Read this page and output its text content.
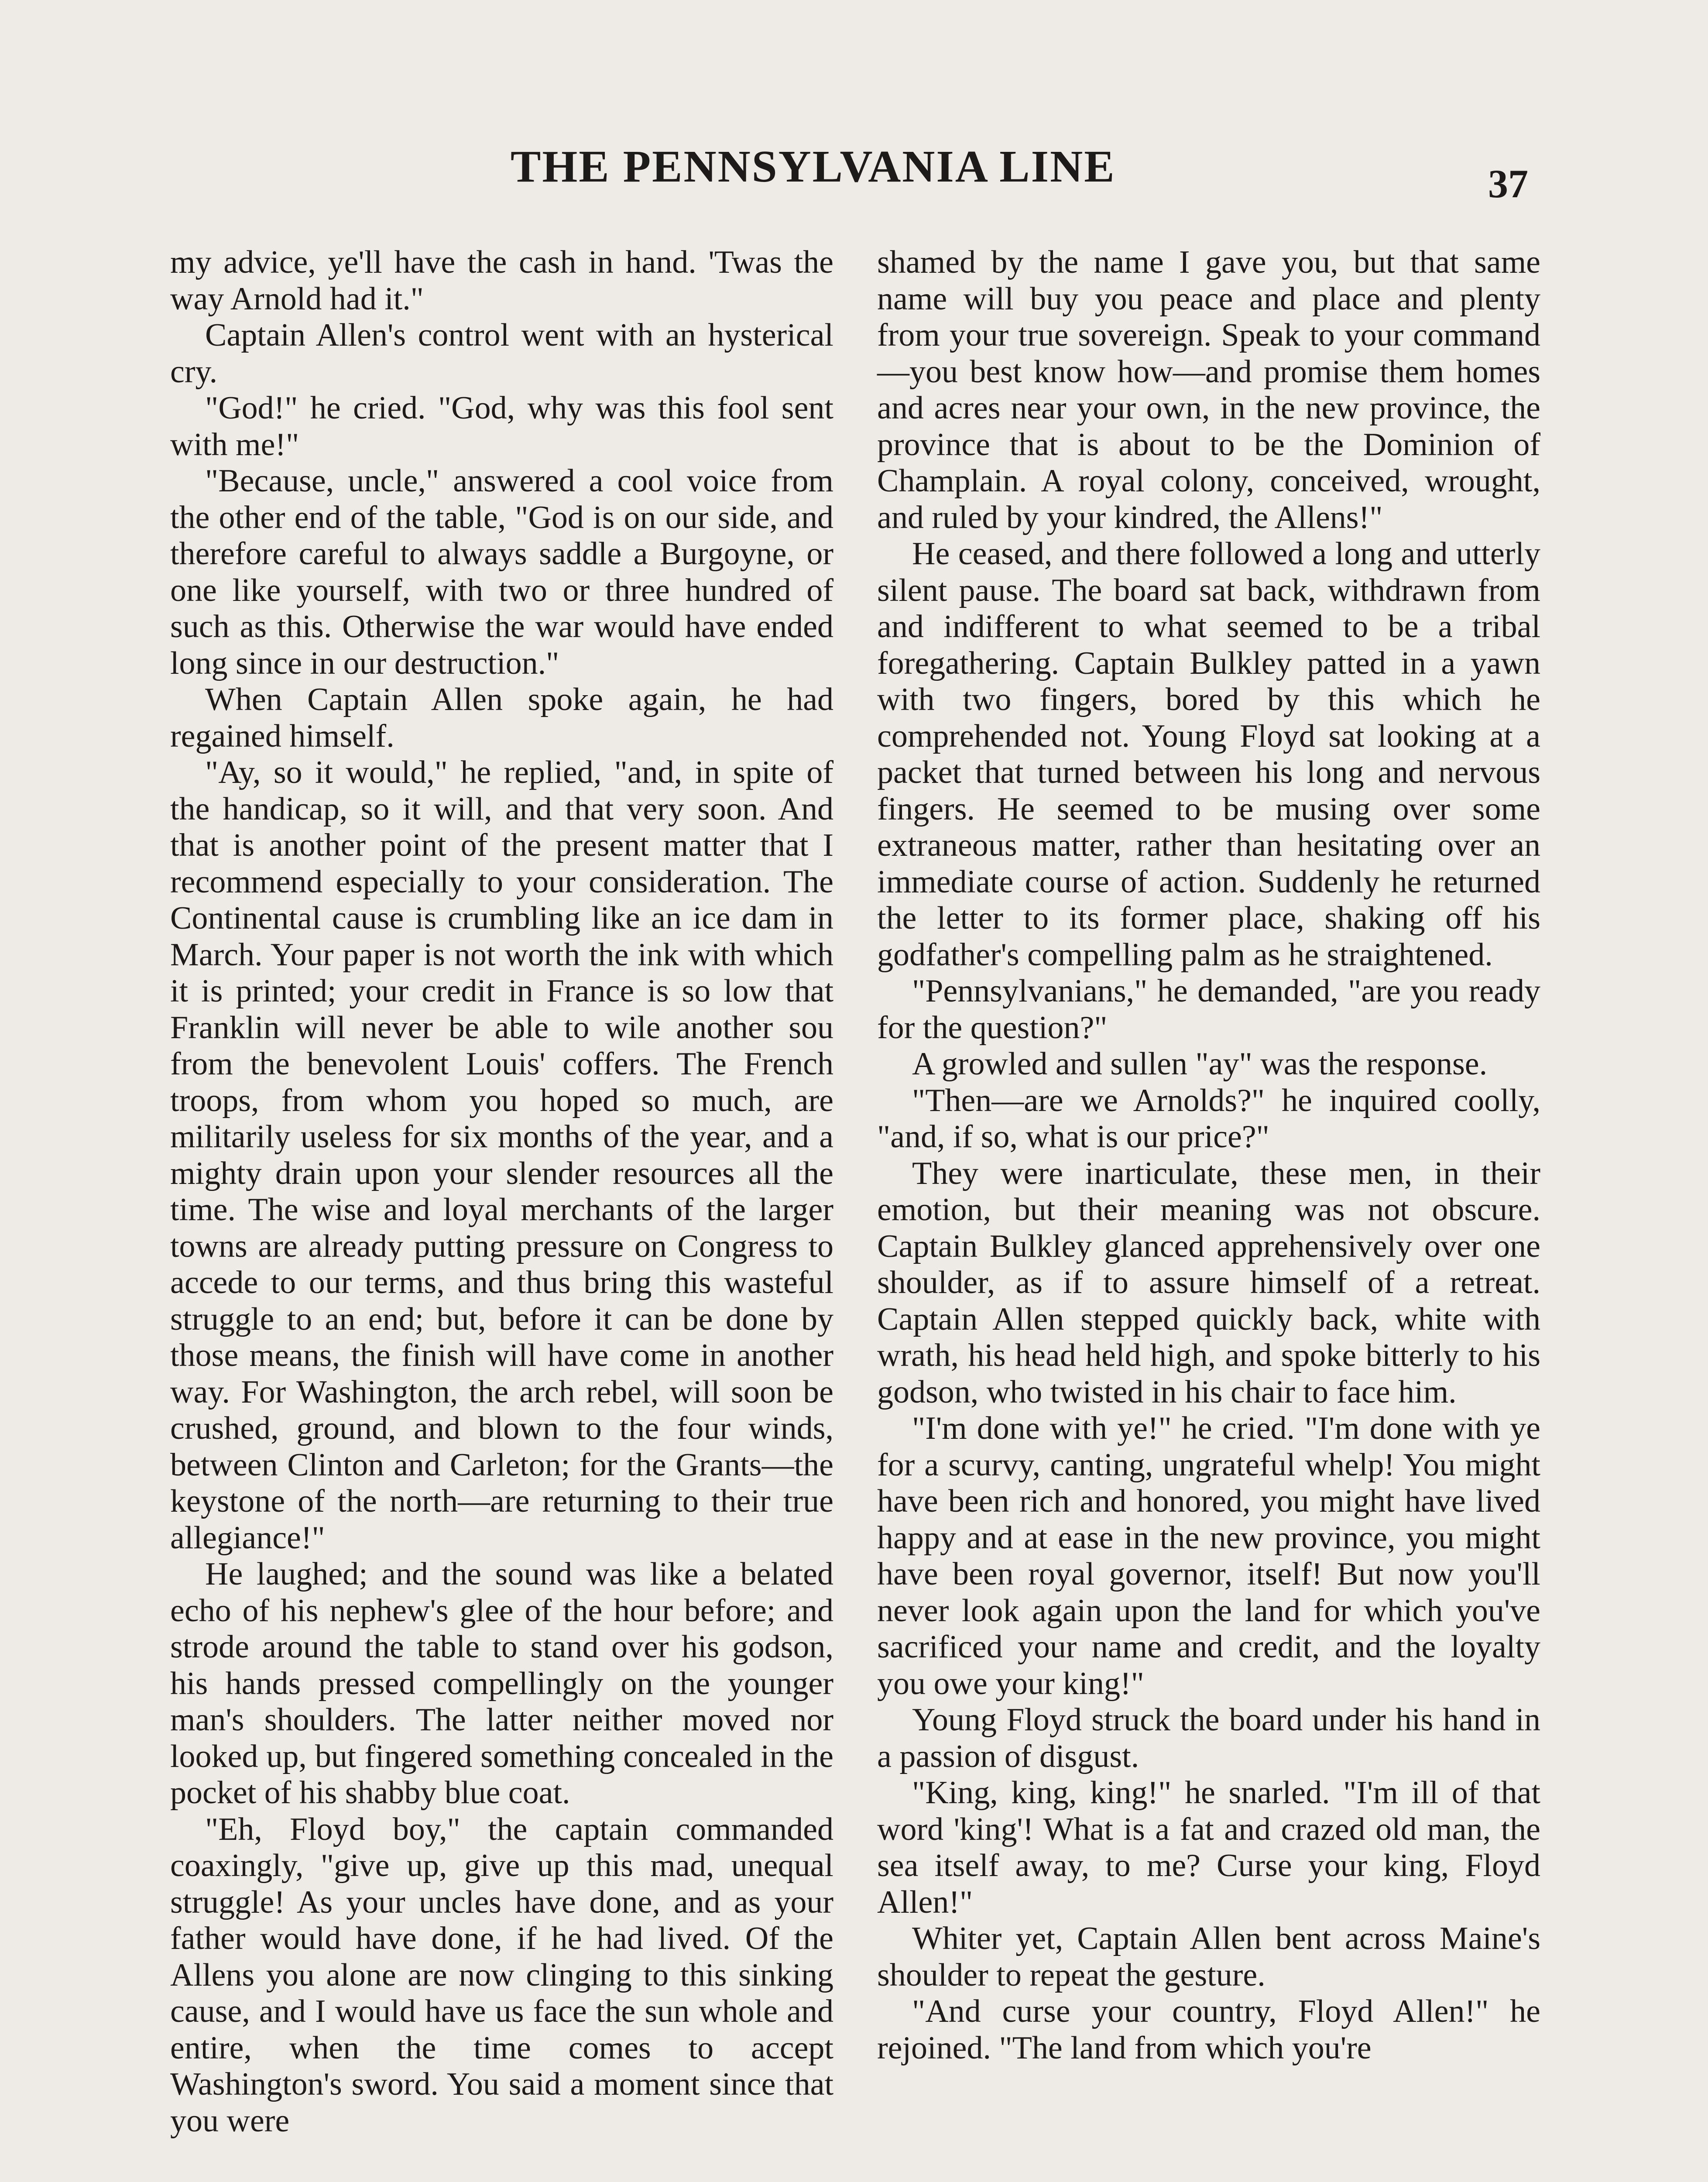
THE PENNSYLVANIA LINE	37

my advice, ye'll have the cash in hand. 'Twas the way Arnold had it."

Captain Allen's control went with an hysterical cry.

"God!" he cried. "God, why was this fool sent with me!"

"Because, uncle," answered a cool voice from the other end of the table, "God is on our side, and therefore careful to always saddle a Burgoyne, or one like yourself, with two or three hundred of such as this. Otherwise the war would have ended long since in our destruction."

When Captain Allen spoke again, he had regained himself.

"Ay, so it would," he replied, "and, in spite of the handicap, so it will, and that very soon. And that is another point of the present matter that I recommend especially to your consideration. The Continental cause is crumbling like an ice dam in March. Your paper is not worth the ink with which it is printed; your credit in France is so low that Franklin will never be able to wile another sou from the benevolent Louis' coffers. The French troops, from whom you hoped so much, are militarily useless for six months of the year, and a mighty drain upon your slender resources all the time. The wise and loyal merchants of the larger towns are already putting pressure on Congress to accede to our terms, and thus bring this wasteful struggle to an end; but, before it can be done by those means, the finish will have come in another way. For Washington, the arch rebel, will soon be crushed, ground, and blown to the four winds, between Clinton and Carleton; for the Grants—the keystone of the north—are returning to their true allegiance!"

He laughed; and the sound was like a belated echo of his nephew's glee of the hour before; and strode around the table to stand over his godson, his hands pressed compellingly on the younger man's shoulders. The latter neither moved nor looked up, but fingered something concealed in the pocket of his shabby blue coat.

"Eh, Floyd boy," the captain commanded coaxingly, "give up, give up this mad, unequal struggle! As your uncles have done, and as your father would have done, if he had lived. Of the Allens you alone are now clinging to this sinking cause, and I would have us face the sun whole and entire, when the time comes to accept Washington's sword. You said a moment since that you were

shamed by the name I gave you, but that same name will buy you peace and place and plenty from your true sovereign. Speak to your command—you best know how—and promise them homes and acres near your own, in the new province, the province that is about to be the Dominion of Champlain. A royal colony, conceived, wrought, and ruled by your kindred, the Allens!"

He ceased, and there followed a long and utterly silent pause. The board sat back, withdrawn from and indifferent to what seemed to be a tribal foregathering. Captain Bulkley patted in a yawn with two fingers, bored by this which he comprehended not. Young Floyd sat looking at a packet that turned between his long and nervous fingers. He seemed to be musing over some extraneous matter, rather than hesitating over an immediate course of action. Suddenly he returned the letter to its former place, shaking off his godfather's compelling palm as he straightened.

"Pennsylvanians," he demanded, "are you ready for the question?"

A growled and sullen "ay" was the response.

"Then—are we Arnolds?" he inquired coolly, "and, if so, what is our price?"

They were inarticulate, these men, in their emotion, but their meaning was not obscure. Captain Bulkley glanced apprehensively over one shoulder, as if to assure himself of a retreat. Captain Allen stepped quickly back, white with wrath, his head held high, and spoke bitterly to his godson, who twisted in his chair to face him.

"I'm done with ye!" he cried. "I'm done with ye for a scurvy, canting, ungrateful whelp! You might have been rich and honored, you might have lived happy and at ease in the new province, you might have been royal governor, itself! But now you'll never look again upon the land for which you've sacrificed your name and credit, and the loyalty you owe your king!"

Young Floyd struck the board under his hand in a passion of disgust.

"King, king, king!" he snarled. "I'm ill of that word 'king'! What is a fat and crazed old man, the sea itself away, to me? Curse your king, Floyd Allen!"

Whiter yet, Captain Allen bent across Maine's shoulder to repeat the gesture.

"And curse your country, Floyd Allen!" he rejoined. "The land from which you're
